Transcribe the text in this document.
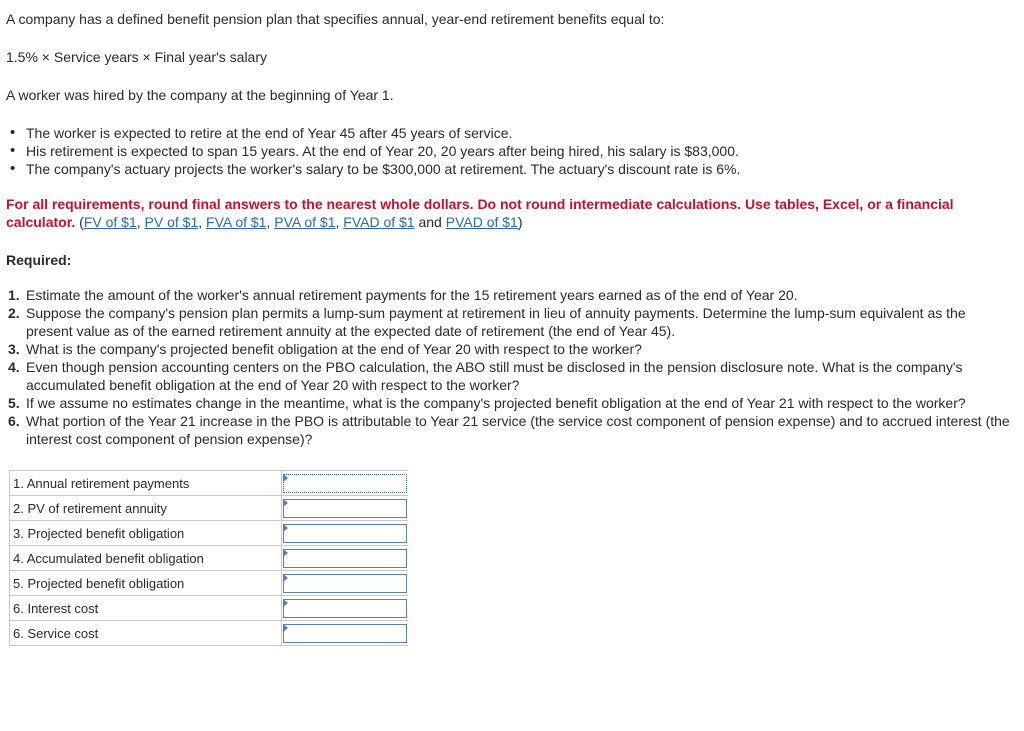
A company has a defined benefit pension plan that specifies annual, year-end retirement benefits equal to:

1.5% × Service years × Final year's salary

A worker was hired by the company at the beginning of Year 1.

• The worker is expected to retire at the end of Year 45 after 45 years of service.
• His retirement is expected to span 15 years. At the end of Year 20, 20 years after being hired, his salary is $83,000.
• The company's actuary projects the worker's salary to be $300,000 at retirement. The actuary's discount rate is 6%.
For all requirements, round final answers to the nearest whole dollars. Do not round intermediate calculations. Use tables, Excel, or a financial calculator. (FV of $1, PV of $1, FVA of $1, PVA of $1, FVAD of $1 and PVAD of $1)

Required:

1. Estimate the amount of the worker's annual retirement payments for the 15 retirement years earned as of the end of Year 20.
2. Suppose the company's pension plan permits a lump-sum payment at retirement in lieu of annuity payments. Determine the lump-sum equivalent as the present value as of the earned retirement annuity at the expected date of retirement (the end of Year 45).
3. What is the company's projected benefit obligation at the end of Year 20 with respect to the worker?
4. Even though pension accounting centers on the PBO calculation, the ABO still must be disclosed in the pension disclosure note. What is the company's accumulated benefit obligation at the end of Year 20 with respect to the worker?
5. If we assume no estimates change in the meantime, what is the company's projected benefit obligation at the end of Year 21 with respect to the worker?
6. What portion of the Year 21 increase in the PBO is attributable to Year 21 service (the service cost component of pension expense) and to accrued interest (the interest cost component of pension expense)?
1. Annual retirement payments	

2. PV of retirement annuity	

3. Projected benefit obligation	

4. Accumulated benefit obligation	

5. Projected benefit obligation	

6. Interest cost	

6. Service cost	
